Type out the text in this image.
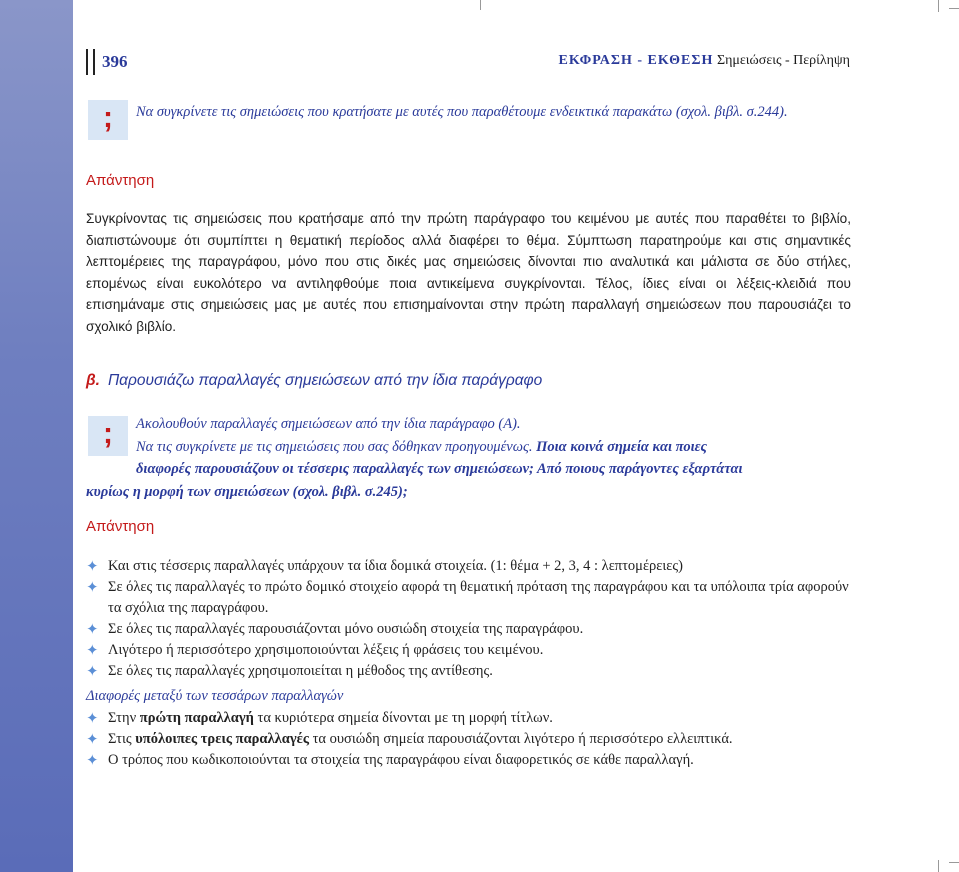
396	ΕΚΦΡΑΣΗ - ΕΚΘΕΣΗ Σημειώσεις - Περίληψη
;	Να συγκρίνετε τις σημειώσεις που κρατήσατε με αυτές που παραθέτουμε ενδεικτικά παρακάτω (σχολ. βιβλ. σ.244).
Απάντηση
Συγκρίνοντας τις σημειώσεις που κρατήσαμε από την πρώτη παράγραφο του κειμένου με αυτές που παραθέτει το βιβλίο, διαπιστώνουμε ότι συμπίπτει η θεματική περίοδος αλλά διαφέρει το θέμα. Σύμπτωση παρατηρούμε και στις σημαντικές λεπτομέρειες της παραγράφου, μόνο που στις δικές μας σημειώσεις δίνονται πιο αναλυτικά και μάλιστα σε δύο στήλες, επομένως είναι ευκολότερο να αντιληφθούμε ποια αντικείμενα συγκρίνονται. Τέλος, ίδιες είναι οι λέξεις-κλειδιά που επισημάναμε στις σημειώσεις μας με αυτές που επισημαίνονται στην πρώτη παραλλαγή σημειώσεων που παρουσιάζει το σχολικό βιβλίο.
β. Παρουσιάζω παραλλαγές σημειώσεων από την ίδια παράγραφο
;	Ακολουθούν παραλλαγές σημειώσεων από την ίδια παράγραφο (Α).
Να τις συγκρίνετε με τις σημειώσεις που σας δόθηκαν προηγουμένως. Ποια κοινά σημεία και ποιες
διαφορές παρουσιάζουν οι τέσσερις παραλλαγές των σημειώσεων; Από ποιους παράγοντες εξαρτάται
κυρίως η μορφή των σημειώσεων (σχολ. βιβλ. σ.245);
Απάντηση
✦ Και στις τέσσερις παραλλαγές υπάρχουν τα ίδια δομικά στοιχεία. (1: θέμα + 2, 3, 4 : λεπτομέρειες)
✦ Σε όλες τις παραλλαγές το πρώτο δομικό στοιχείο αφορά τη θεματική πρόταση της παραγράφου και τα υπόλοιπα τρία αφορούν τα σχόλια της παραγράφου.
✦ Σε όλες τις παραλλαγές παρουσιάζονται μόνο ουσιώδη στοιχεία της παραγράφου.
✦ Λιγότερο ή περισσότερο χρησιμοποιούνται λέξεις ή φράσεις του κειμένου.
✦ Σε όλες τις παραλλαγές χρησιμοποιείται η μέθοδος της αντίθεσης.
Διαφορές μεταξύ των τεσσάρων παραλλαγών
✦ Στην πρώτη παραλλαγή τα κυριότερα σημεία δίνονται με τη μορφή τίτλων.
✦ Στις υπόλοιπες τρεις παραλλαγές τα ουσιώδη σημεία παρουσιάζονται λιγότερο ή περισσότερο ελλειπτικά.
✦ Ο τρόπος που κωδικοποιούνται τα στοιχεία της παραγράφου είναι διαφορετικός σε κάθε παραλλαγή.
